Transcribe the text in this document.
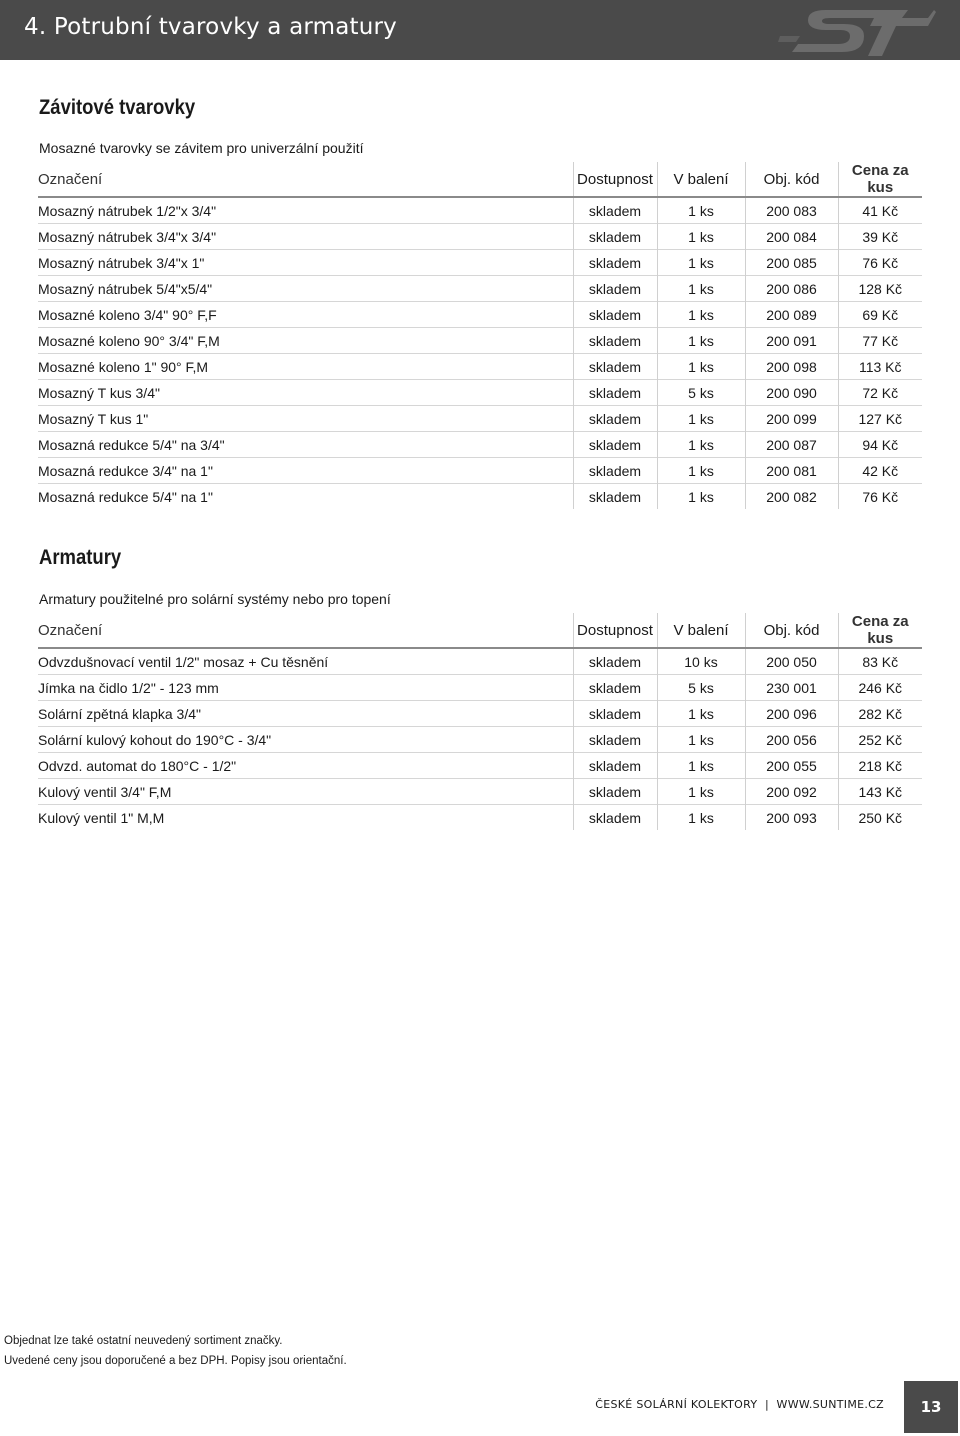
4. Potrubní tvarovky a armatury
Závitové tvarovky
Mosazné tvarovky se závitem pro univerzální použití
Označení	Dostupnost	V balení	Obj. kód	Cena za kus
Mosazný nátrubek 1/2"x 3/4"	skladem	1 ks	200 083	41 Kč
Mosazný nátrubek 3/4"x 3/4"	skladem	1 ks	200 084	39 Kč
Mosazný nátrubek 3/4"x 1"	skladem	1 ks	200 085	76 Kč
Mosazný nátrubek 5/4"x5/4"	skladem	1 ks	200 086	128 Kč
Mosazné koleno 3/4" 90° F,F	skladem	1 ks	200 089	69 Kč
Mosazné koleno 90° 3/4" F,M	skladem	1 ks	200 091	77 Kč
Mosazné koleno 1" 90° F,M	skladem	1 ks	200 098	113 Kč
Mosazný T kus 3/4"	skladem	5 ks	200 090	72 Kč
Mosazný T kus 1"	skladem	1 ks	200 099	127 Kč
Mosazná redukce 5/4" na 3/4"	skladem	1 ks	200 087	94 Kč
Mosazná redukce 3/4" na 1"	skladem	1 ks	200 081	42 Kč
Mosazná redukce 5/4" na 1"	skladem	1 ks	200 082	76 Kč
Armatury
Armatury použitelné pro solární systémy nebo pro topení
Označení	Dostupnost	V balení	Obj. kód	Cena za kus
Odvzdušnovací ventil 1/2" mosaz + Cu těsnění	skladem	10 ks	200 050	83 Kč
Jímka na čidlo 1/2" - 123 mm	skladem	5 ks	230 001	246 Kč
Solární zpětná klapka 3/4"	skladem	1 ks	200 096	282 Kč
Solární kulový kohout do 190°C - 3/4"	skladem	1 ks	200 056	252 Kč
Odvzd. automat do 180°C - 1/2"	skladem	1 ks	200 055	218 Kč
Kulový ventil 3/4" F,M	skladem	1 ks	200 092	143 Kč
Kulový ventil 1" M,M	skladem	1 ks	200 093	250 Kč
Objednat lze také ostatní neuvedený sortiment značky.
Uvedené ceny jsou doporučené a bez DPH. Popisy jsou orientační.
ČESKÉ SOLÁRNÍ KOLEKTORY  |  WWW.SUNTIME.CZ	13
